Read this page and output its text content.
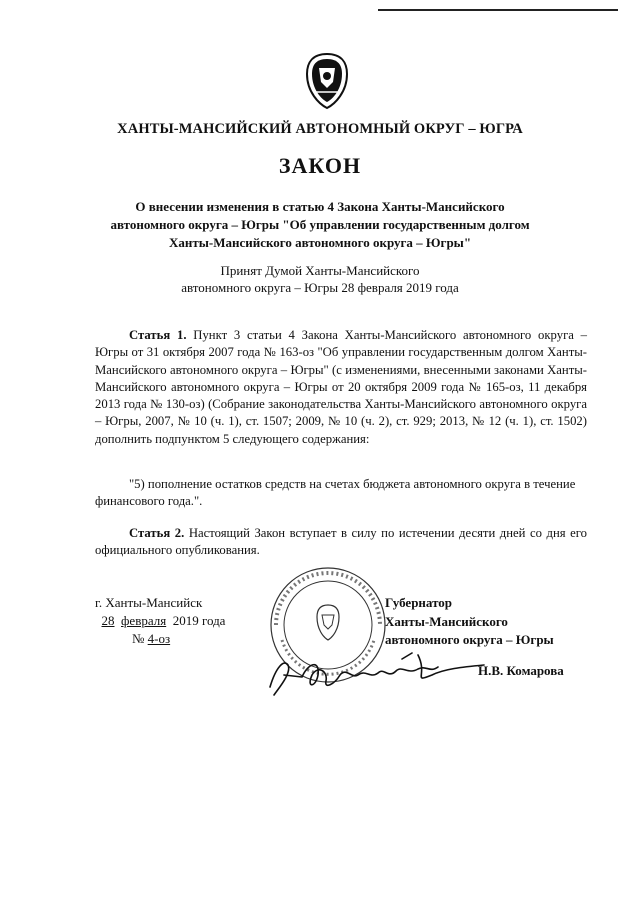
ХАНТЫ-МАНСИЙСКИЙ АВТОНОМНЫЙ ОКРУГ – ЮГРА
ЗАКОН
О внесении изменения в статью 4 Закона Ханты-Мансийского
автономного округа – Югры "Об управлении государственным долгом
Ханты-Мансийского автономного округа – Югры"
Принят Думой Ханты-Мансийского
автономного округа – Югры 28 февраля 2019 года
Статья 1. Пункт 3 статьи 4 Закона Ханты-Мансийского автономного округа – Югры от 31 октября 2007 года № 163-оз "Об управлении государственным долгом Ханты-Мансийского автономного округа – Югры" (с изменениями, внесенными законами Ханты-Мансийского автономного округа – Югры от 20 октября 2009 года № 165-оз, 11 декабря 2013 года № 130-оз) (Собрание законодательства Ханты-Мансийского автономного округа – Югры, 2007, № 10 (ч. 1), ст. 1507; 2009, № 10 (ч. 2), ст. 929; 2013, № 12 (ч. 1), ст. 1502) дополнить подпунктом 5 следующего содержания:
"5) пополнение остатков средств на счетах бюджета автономного округа в течение финансового года.".
Статья 2. Настоящий Закон вступает в силу по истечении десяти дней со дня его официального опубликования.
г. Ханты-Мансийск
28 февраля 2019 года
№ 4-оз
Губернатор
Ханты-Мансийского
автономного округа – Югры
Н.В. Комарова
